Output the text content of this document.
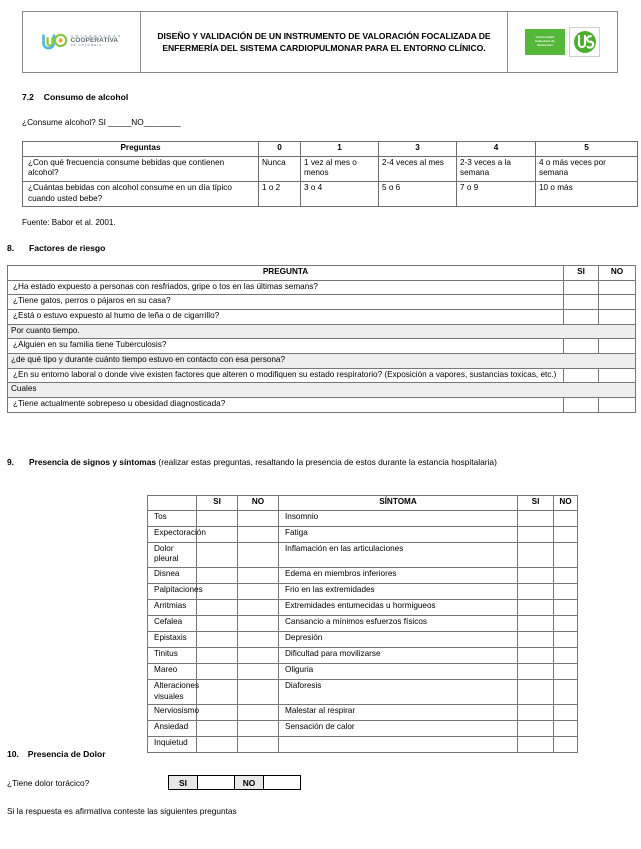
U N I V E R S I D A D
COOPERATIVA
DE COLOMBIA
	DISEÑO Y VALIDACIÓN DE UN INSTRUMENTO DE VALORACIÓN FOCALIZADA DE ENFERMERÍA DEL SISTEMA CARDIOPULMONAR PARA EL ENTORNO CLÍNICO.	
Universidad
Industrial de
Santander
7.2 Consumo de alcohol
¿Consume alcohol? SI _____NO________
Preguntas	0	1	3	4	5
¿Con qué frecuencia consume bebidas que contienen alcohol?	Nunca	1 vez al mes o menos	2-4 veces al mes	2-3 veces a la semana	4 o más veces por semana
¿Cuántas bebidas con alcohol consume en un día típico cuando usted bebe?	1 o 2	3 o 4	5 o 6	7 o 9	10 o más
Fuente: Babor et al. 2001.
8. Factores de riesgo
PREGUNTA	SI	NO
¿Ha estado expuesto a personas con resfriados, gripe o tos en las últimas semans?		
¿Tiene gatos, perros o pájaros en su casa?		
¿Está o estuvo expuesto al humo de leña o de cigarrillo?		
Por cuanto tiempo.		
¿Alguien en su familia tiene Tuberculosis?		
¿de qué tipo y durante cuánto tiempo estuvo en contacto con esa persona?		
¿En su entorno laboral o donde vive existen factores que alteren o modifiquen su estado respiratorio? (Exposición a vapores, sustancias toxicas, etc.)		
Cuales		
¿Tiene actualmente sobrepeso u obesidad diagnosticada?		
9. Presencia de signos y síntomas (realizar estas preguntas, resaltando la presencia de estos durante la estancia hospitalaria)
	SI	NO	SÍNTOMA	SI	NO
Tos			Insomnio		
Expectoración			Fatiga		
Dolor pleural			Inflamación en las articulaciones		
Disnea			Edema en miembros inferiores		
Palpitaciones			Frio en las extremidades		
Arritmias			Extremidades entumecidas u hormigueos		
Cefalea			Cansancio a mínimos esfuerzos físicos		
Epistaxis			Depresión		
Tinitus			Dificultad para movilizarse		
Mareo			Oliguria		
Alteraciones visuales			Diaforesis		
Nerviosismo			Malestar al respirar		
Ansiedad			Sensación de calor		
Inquietud					
10. Presencia de Dolor
¿Tiene dolor torácico?	SI		NO	
Si la respuesta es afirmativa conteste las siguientes preguntas
